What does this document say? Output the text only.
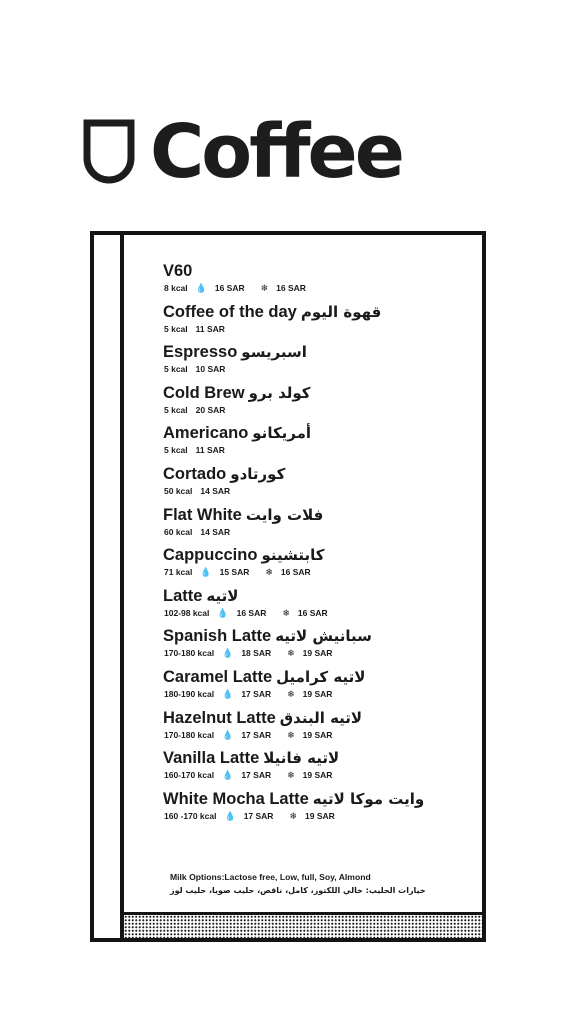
Coffee
V60
8 kcal 💧 16 SAR ❄ 16 SAR
Coffee of the day قهوة اليوم
5 kcal 11 SAR
Espresso اسبريسو
5 kcal 10 SAR
Cold Brew كولد برو
5 kcal 20 SAR
Americano أمريكانو
5 kcal 11 SAR
Cortado كورتادو
50 kcal 14 SAR
Flat White فلات وايت
60 kcal 14 SAR
Cappuccino كابتشينو
71 kcal 💧 15 SAR ❄ 16 SAR
Latte لاتيه
102-98 kcal 💧 16 SAR ❄ 16 SAR
Spanish Latte سبانيش لاتيه
170-180 kcal 💧 18 SAR ❄ 19 SAR
Caramel Latte لاتيه كراميل
180-190 kcal 💧 17 SAR ❄ 19 SAR
Hazelnut Latte لاتيه البندق
170-180 kcal 💧 17 SAR ❄ 19 SAR
Vanilla Latte لاتيه فانيلا
160-170 kcal 💧 17 SAR ❄ 19 SAR
White Mocha Latte وايت موكا لاتيه
160 -170 kcal 💧 17 SAR ❄ 19 SAR
Milk Options:Lactose free, Low, full, Soy, Almond
خيارات الحليب: خالي اللكتوز، كامل، ناقص، حليب صويا، حليب لوز
